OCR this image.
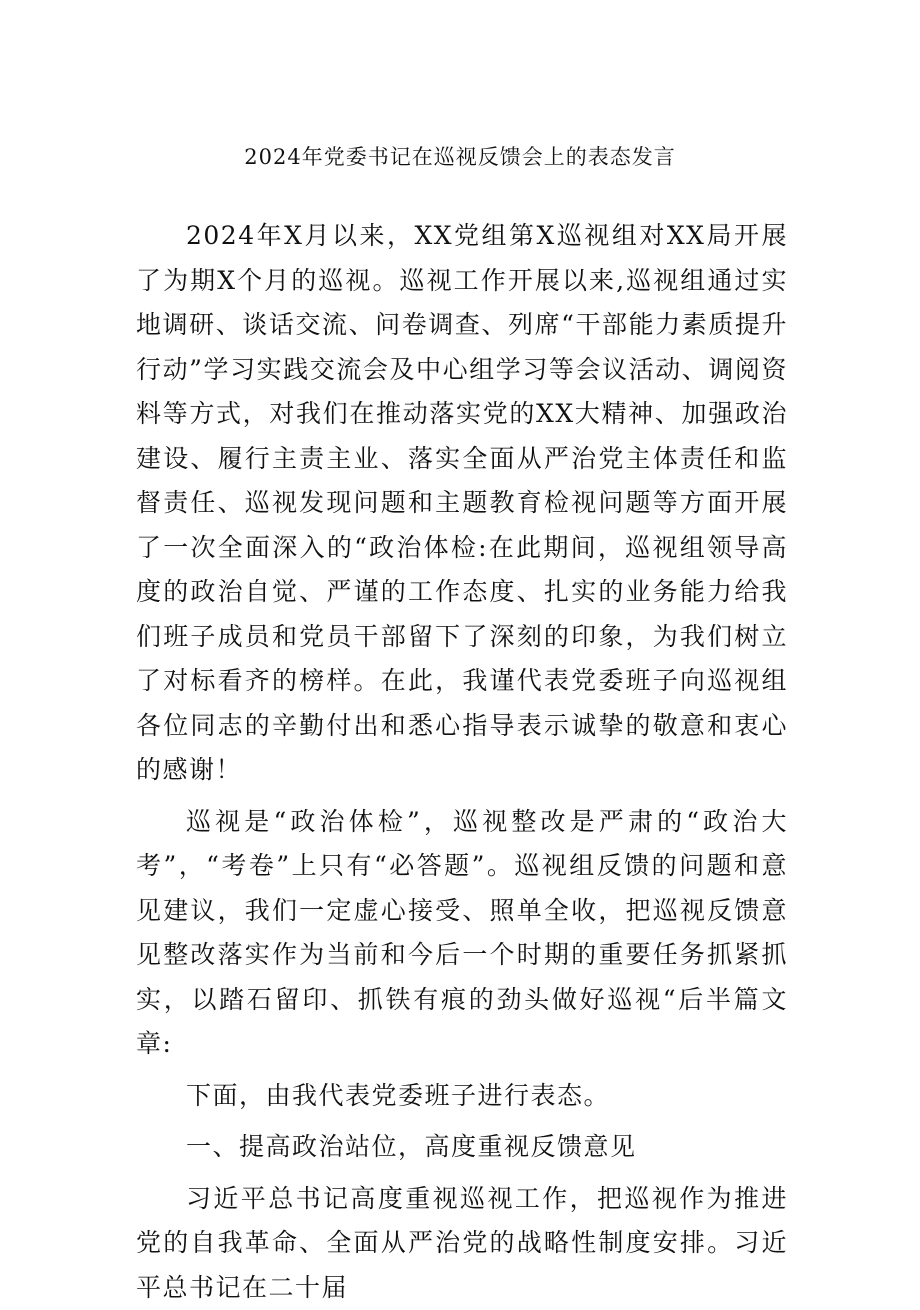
2024年党委书记在巡视反馈会上的表态发言

2024年X月以来，XX党组第X巡视组对XX局开展了为期X个月的巡视。巡视工作开展以来,巡视组通过实地调研、谈话交流、问卷调查、列席“干部能力素质提升行动”学习实践交流会及中心组学习等会议活动、调阅资料等方式，对我们在推动落实党的XX大精神、加强政治建设、履行主责主业、落实全面从严治党主体责任和监督责任、巡视发现问题和主题教育检视问题等方面开展了一次全面深入的“政治体检:在此期间，巡视组领导高度的政治自觉、严谨的工作态度、扎实的业务能力给我们班子成员和党员干部留下了深刻的印象，为我们树立了对标看齐的榜样。在此，我谨代表党委班子向巡视组各位同志的辛勤付出和悉心指导表示诚挚的敬意和衷心的感谢！

巡视是“政治体检”，巡视整改是严肃的“政治大考”，“考卷”上只有“必答题”。巡视组反馈的问题和意见建议，我们一定虚心接受、照单全收，把巡视反馈意见整改落实作为当前和今后一个时期的重要任务抓紧抓实，以踏石留印、抓铁有痕的劲头做好巡视“后半篇文章:

下面，由我代表党委班子进行表态。

一、提高政治站位，高度重视反馈意见

习近平总书记高度重视巡视工作，把巡视作为推进党的自我革命、全面从严治党的战略性制度安排。习近平总书记在二十届
